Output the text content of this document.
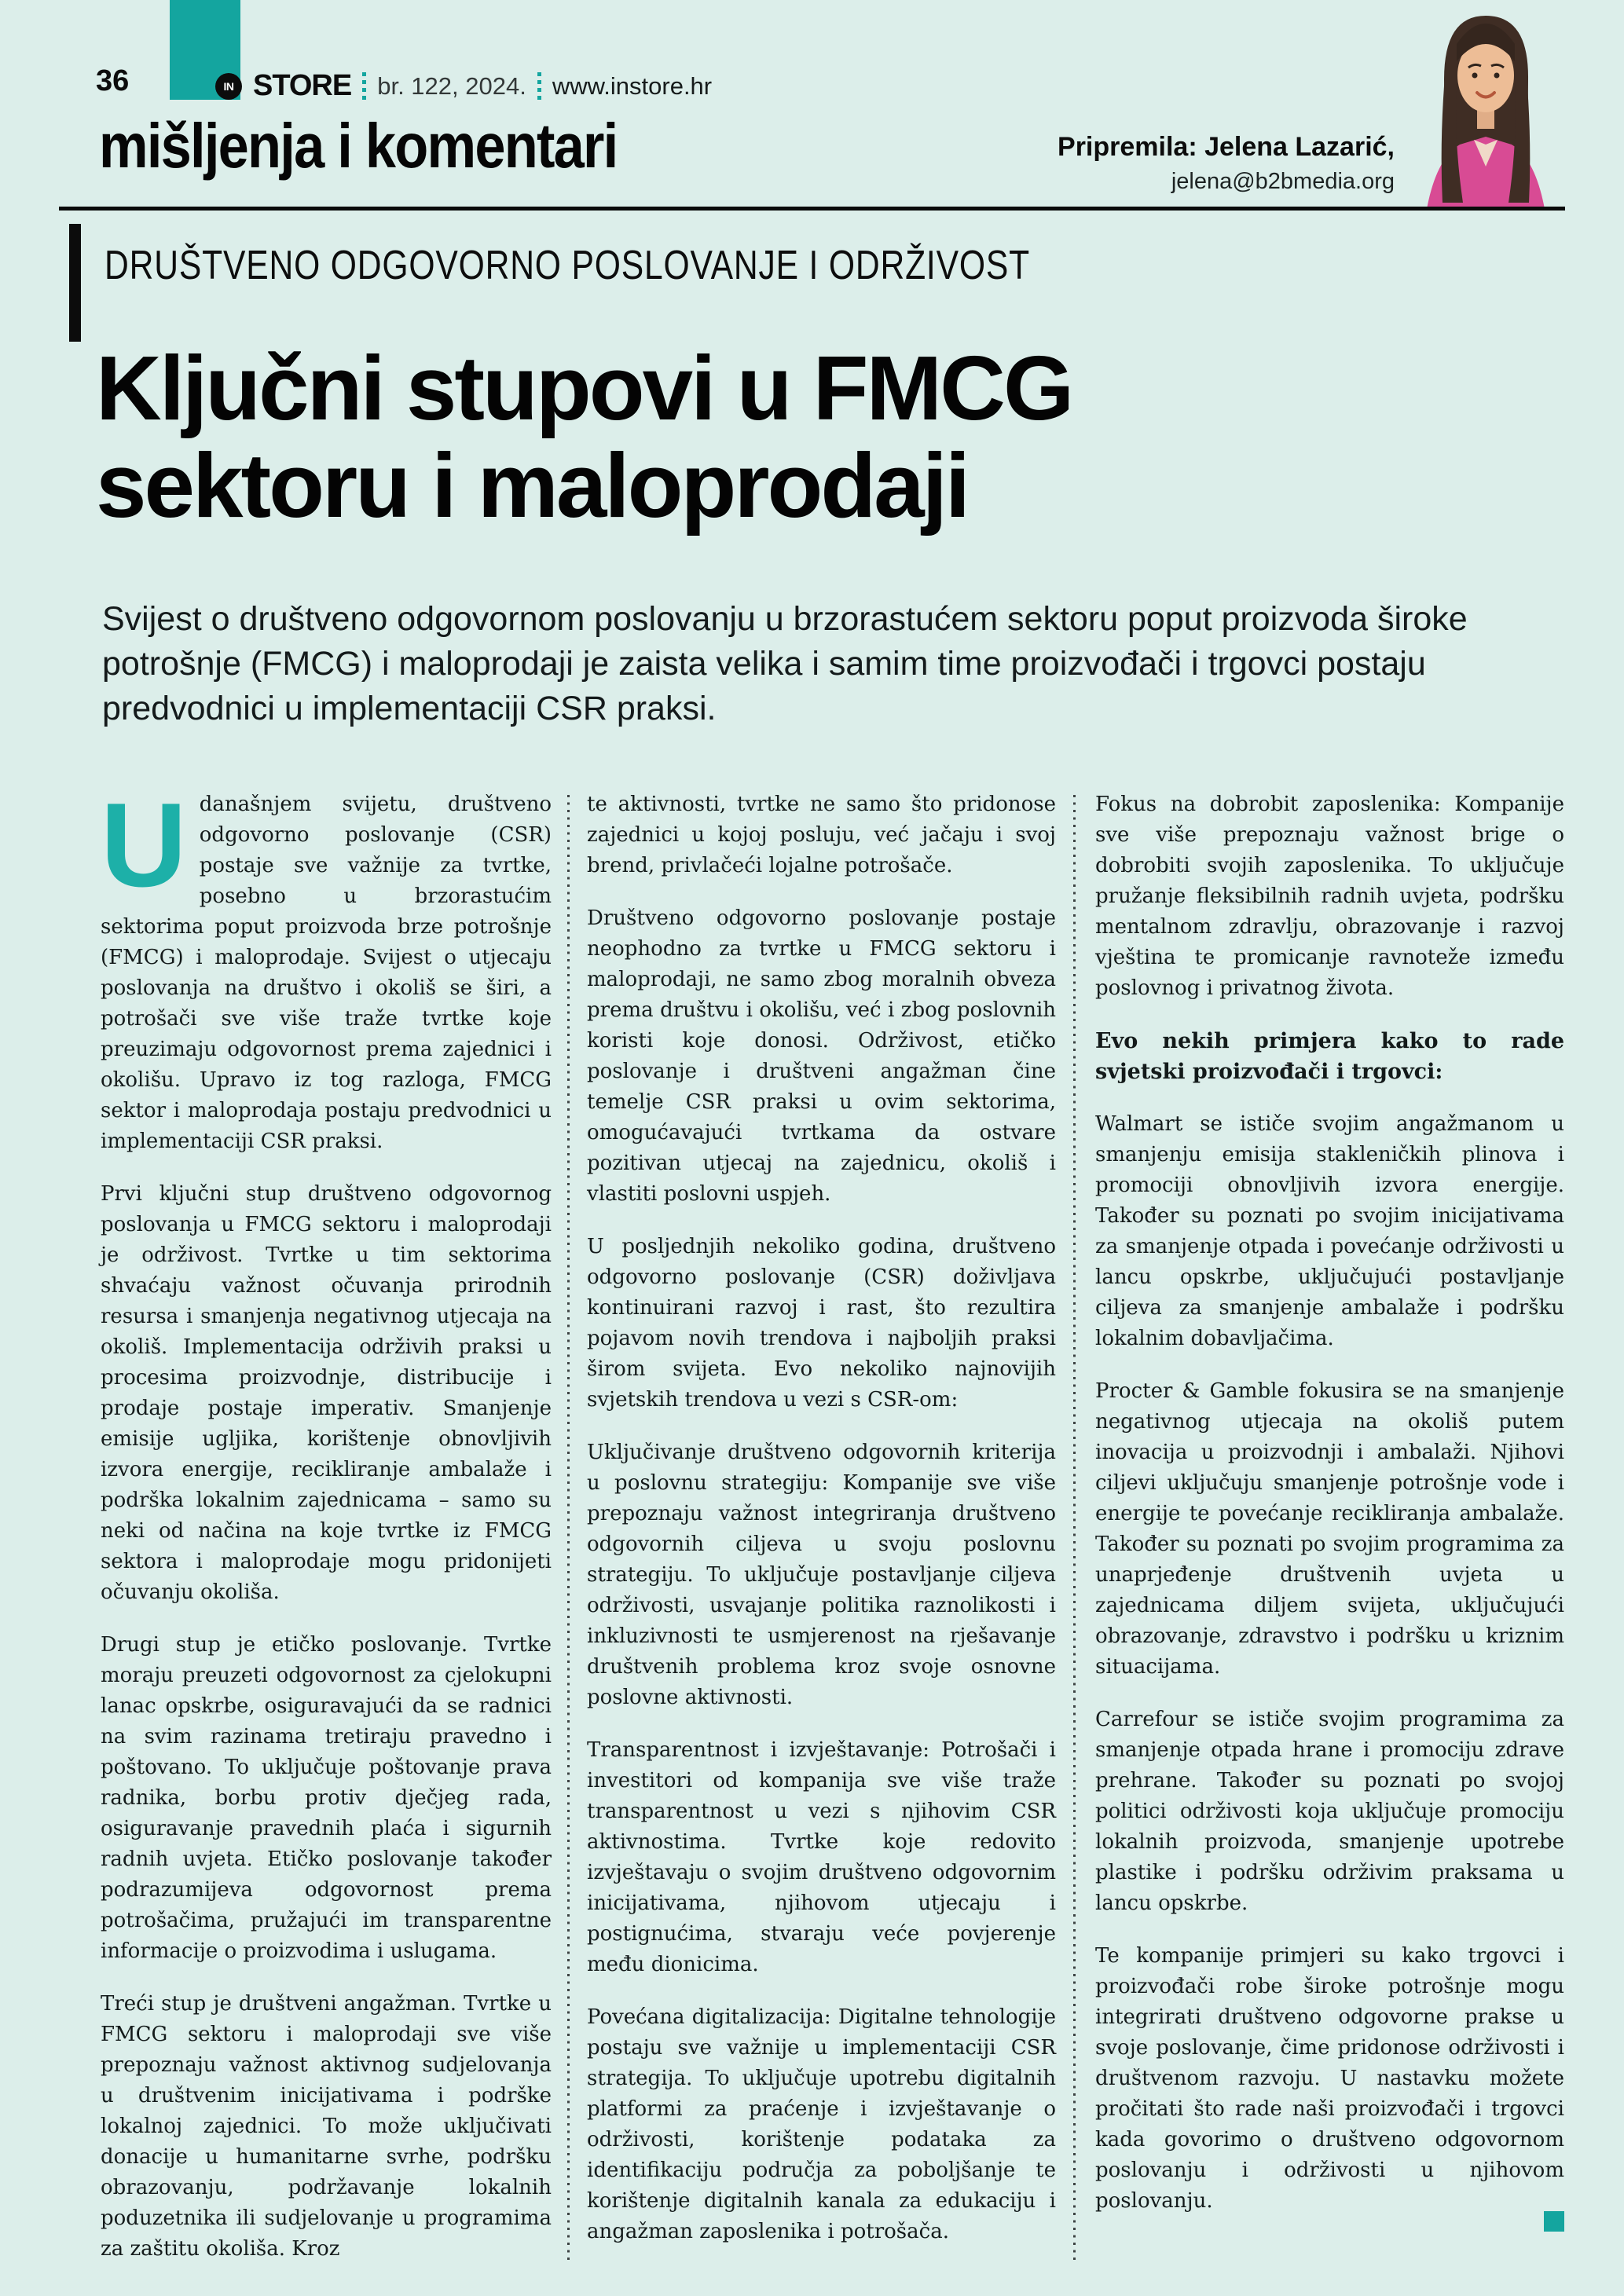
36	IN STORE br. 122, 2024. www.instore.hr
mišljenja i komentari	Pripremila: Jelena Lazarić,
jelena@b2bmedia.org
DRUŠTVENO ODGOVORNO POSLOVANJE I ODRŽIVOST
Ključni stupovi u FMCG
sektoru i maloprodaji
Svijest o društveno odgovornom poslovanju u brzorastućem sektoru poput proizvoda široke potrošnje (FMCG) i maloprodaji je zaista velika i samim time proizvođači i trgovci postaju predvodnici u implementaciji CSR praksi.

Udanašnjem svijetu, društveno odgovorno poslovanje (CSR) postaje sve važnije za tvrtke, posebno u brzorastućim sektorima poput proizvoda brze potrošnje (FMCG) i maloprodaje. Svijest o utjecaju poslovanja na društvo i okoliš se širi, a potrošači sve više traže tvrtke koje preuzimaju odgovornost prema zajednici i okolišu. Upravo iz tog razloga, FMCG sektor i maloprodaja postaju predvodnici u implementaciji CSR praksi.

Prvi ključni stup društveno odgovornog poslovanja u FMCG sektoru i maloprodaji je održivost. Tvrtke u tim sektorima shvaćaju važnost očuvanja prirodnih resursa i smanjenja negativnog utjecaja na okoliš. Implementacija održivih praksi u procesima proizvodnje, distribucije i prodaje postaje imperativ. Smanjenje emisije ugljika, korištenje obnovljivih izvora energije, recikliranje ambalaže i podrška lokalnim zajednicama – samo su neki od načina na koje tvrtke iz FMCG sektora i maloprodaje mogu pridonijeti očuvanju okoliša.

Drugi stup je etičko poslovanje. Tvrtke moraju preuzeti odgovornost za cjelokupni lanac opskrbe, osiguravajući da se radnici na svim razinama tretiraju pravedno i poštovano. To uključuje poštovanje prava radnika, borbu protiv dječjeg rada, osiguravanje pravednih plaća i sigurnih radnih uvjeta. Etičko poslovanje također podrazumijeva odgovornost prema potrošačima, pružajući im transparentne informacije o proizvodima i uslugama.

Treći stup je društveni angažman. Tvrtke u FMCG sektoru i maloprodaji sve više prepoznaju važnost aktivnog sudjelovanja u društvenim inicijativama i podrške lokalnoj zajednici. To može uključivati donacije u humanitarne svrhe, podršku obrazovanju, podržavanje lokalnih poduzetnika ili sudjelovanje u programima za zaštitu okoliša. Kroz

te aktivnosti, tvrtke ne samo što pridonose zajednici u kojoj posluju, već jačaju i svoj brend, privlačeći lojalne potrošače.

Društveno odgovorno poslovanje postaje neophodno za tvrtke u FMCG sektoru i maloprodaji, ne samo zbog moralnih obveza prema društvu i okolišu, već i zbog poslovnih koristi koje donosi. Održivost, etičko poslovanje i društveni angažman čine temelje CSR praksi u ovim sektorima, omogućavajući tvrtkama da ostvare pozitivan utjecaj na zajednicu, okoliš i vlastiti poslovni uspjeh.

U posljednjih nekoliko godina, društveno odgovorno poslovanje (CSR) doživljava kontinuirani razvoj i rast, što rezultira pojavom novih trendova i najboljih praksi širom svijeta. Evo nekoliko najnovijih svjetskih trendova u vezi s CSR-om:

Uključivanje društveno odgovornih kriterija u poslovnu strategiju: Kompanije sve više prepoznaju važnost integriranja društveno odgovornih ciljeva u svoju poslovnu strategiju. To uključuje postavljanje ciljeva održivosti, usvajanje politika raznolikosti i inkluzivnosti te usmjerenost na rješavanje društvenih problema kroz svoje osnovne poslovne aktivnosti.

Transparentnost i izvještavanje: Potrošači i investitori od kompanija sve više traže transparentnost u vezi s njihovim CSR aktivnostima. Tvrtke koje redovito izvještavaju o svojim društveno odgovornim inicijativama, njihovom utjecaju i postignućima, stvaraju veće povjerenje među dionicima.

Povećana digitalizacija: Digitalne tehnologije postaju sve važnije u implementaciji CSR strategija. To uključuje upotrebu digitalnih platformi za praćenje i izvještavanje o održivosti, korištenje podataka za identifikaciju područja za poboljšanje te korištenje digitalnih kanala za edukaciju i angažman zaposlenika i potrošača.

Fokus na dobrobit zaposlenika: Kompanije sve više prepoznaju važnost brige o dobrobiti svojih zaposlenika. To uključuje pružanje fleksibilnih radnih uvjeta, podršku mentalnom zdravlju, obrazovanje i razvoj vještina te promicanje ravnoteže između poslovnog i privatnog života.

Evo nekih primjera kako to rade svjetski proizvođači i trgovci:

Walmart se ističe svojim angažmanom u smanjenju emisija stakleničkih plinova i promociji obnovljivih izvora energije. Također su poznati po svojim inicijativama za smanjenje otpada i povećanje održivosti u lancu opskrbe, uključujući postavljanje ciljeva za smanjenje ambalaže i podršku lokalnim dobavljačima.

Procter & Gamble fokusira se na smanjenje negativnog utjecaja na okoliš putem inovacija u proizvodnji i ambalaži. Njihovi ciljevi uključuju smanjenje potrošnje vode i energije te povećanje recikliranja ambalaže. Također su poznati po svojim programima za unaprjeđenje društvenih uvjeta u zajednicama diljem svijeta, uključujući obrazovanje, zdravstvo i podršku u kriznim situacijama.

Carrefour se ističe svojim programima za smanjenje otpada hrane i promociju zdrave prehrane. Također su poznati po svojoj politici održivosti koja uključuje promociju lokalnih proizvoda, smanjenje upotrebe plastike i podršku održivim praksama u lancu opskrbe.

Te kompanije primjeri su kako trgovci i proizvođači robe široke potrošnje mogu integrirati društveno odgovorne prakse u svoje poslovanje, čime pridonose održivosti i društvenom razvoju. U nastavku možete pročitati što rade naši proizvođači i trgovci kada govorimo o društveno odgovornom poslovanju i održivosti u njihovom poslovanju.
